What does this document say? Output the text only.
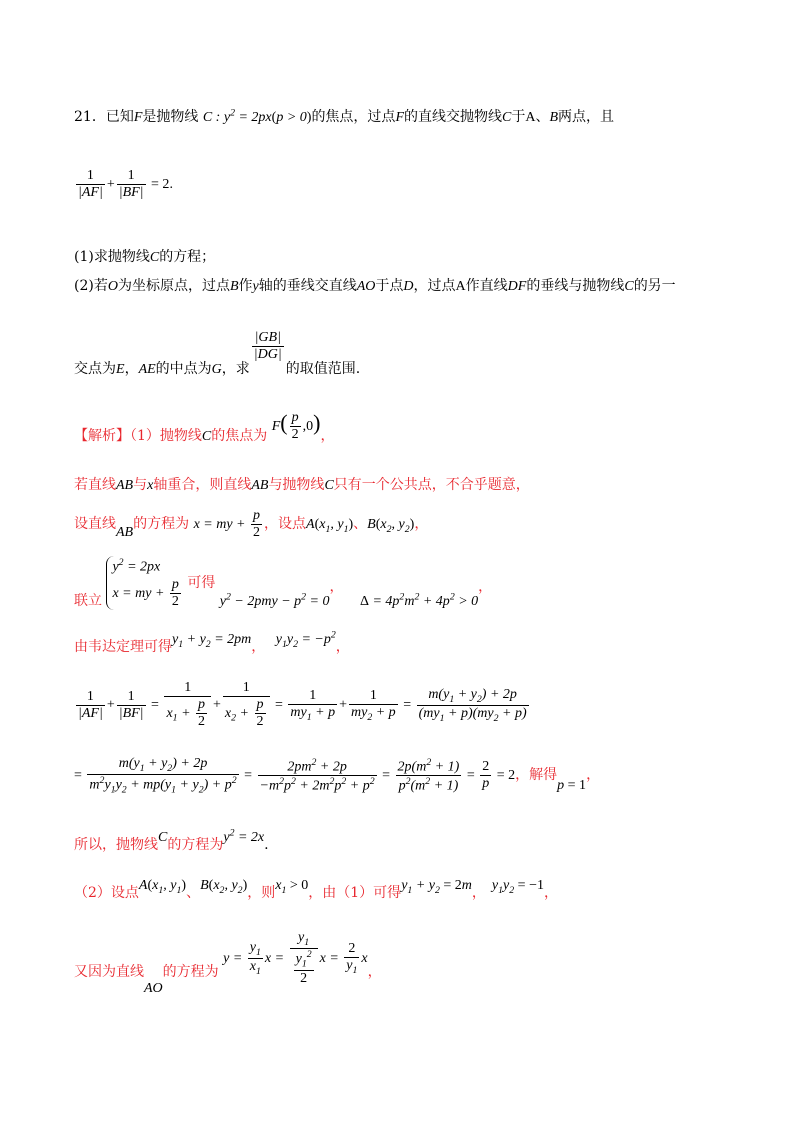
21．已知F是抛物线 C : $y^2 = 2px(p > 0)$的焦点，过点F的直线交抛物线C于A、B两点，且
$\frac{1}{|AF|} + \frac{1}{|BF|} = 2$.
(1)求抛物线C的方程；
(2)若O为坐标原点，过点B作y轴的垂线交直线AO于点D，过点A作直线DF的垂线与抛物线C的另一
交点为E，AE的中点为G，求
$\frac{|GB|}{|DG|}$
的取值范围.
【解析】（1）抛物线C的焦点为 $F( \frac{p}{2} ,0)$，
若直线AB与x轴重合，则直线AB与抛物线C只有一个公共点，不合乎题意，
设直线AB的方程为 x = my + $\frac{p}{2}$ ，设点$A(x_1$, $y_1$)、$B(x_2$, $y_2$)，
联立
$y^2 = 2px$
x = my + $\frac{p}{2}$ 可得 $y^2 - 2pmy - p^2 = 0$， $\Delta = 4p^2m^2 + 4p^2 > 0$，
由韦达定理可得$y_1 + y_2 = 2pm$， $y_1y_2 = -p^2$，
$\frac{1}{|AF|} + \frac{1}{|BF|} = \frac{1}{x_1 + \frac{p}{2}} + \frac{1}{x_2 + \frac{p}{2}} = \frac{1}{my_1 + p} + \frac{1}{my_2 + p} = \frac{m(y_1 + y_2) + 2p}{(my_1 + p)(my_2 + p)}$
= $\frac{m(y_1 + y_2) + 2p}{m^2y_1y_2 + mp(y_1 + y_2) + p^2} = \frac{2pm^2 + 2p}{-m^2p^2 + 2m^2p^2 + p^2} = \frac{2p(m^2 + 1)}{p^2(m^2 + 1)} = \frac{2}{p} = 2$，解得p = 1，
所以，抛物线C的方程为$y^2 = 2x$.
（2）设点$A(x_1$, $y_1$)、$B(x_2$, $y_2$)，则$x_1 > 0$，由（1）可得$y_1 + y_2 = 2m$， $y_1y_2 = -1$，
又因为直线AO的方程为 $y = \frac{y_1}{x_1}$ $x = \frac{y_1}{\frac{y_1^2}{2}}$ $x = \frac{2}{y_1}$ x，
